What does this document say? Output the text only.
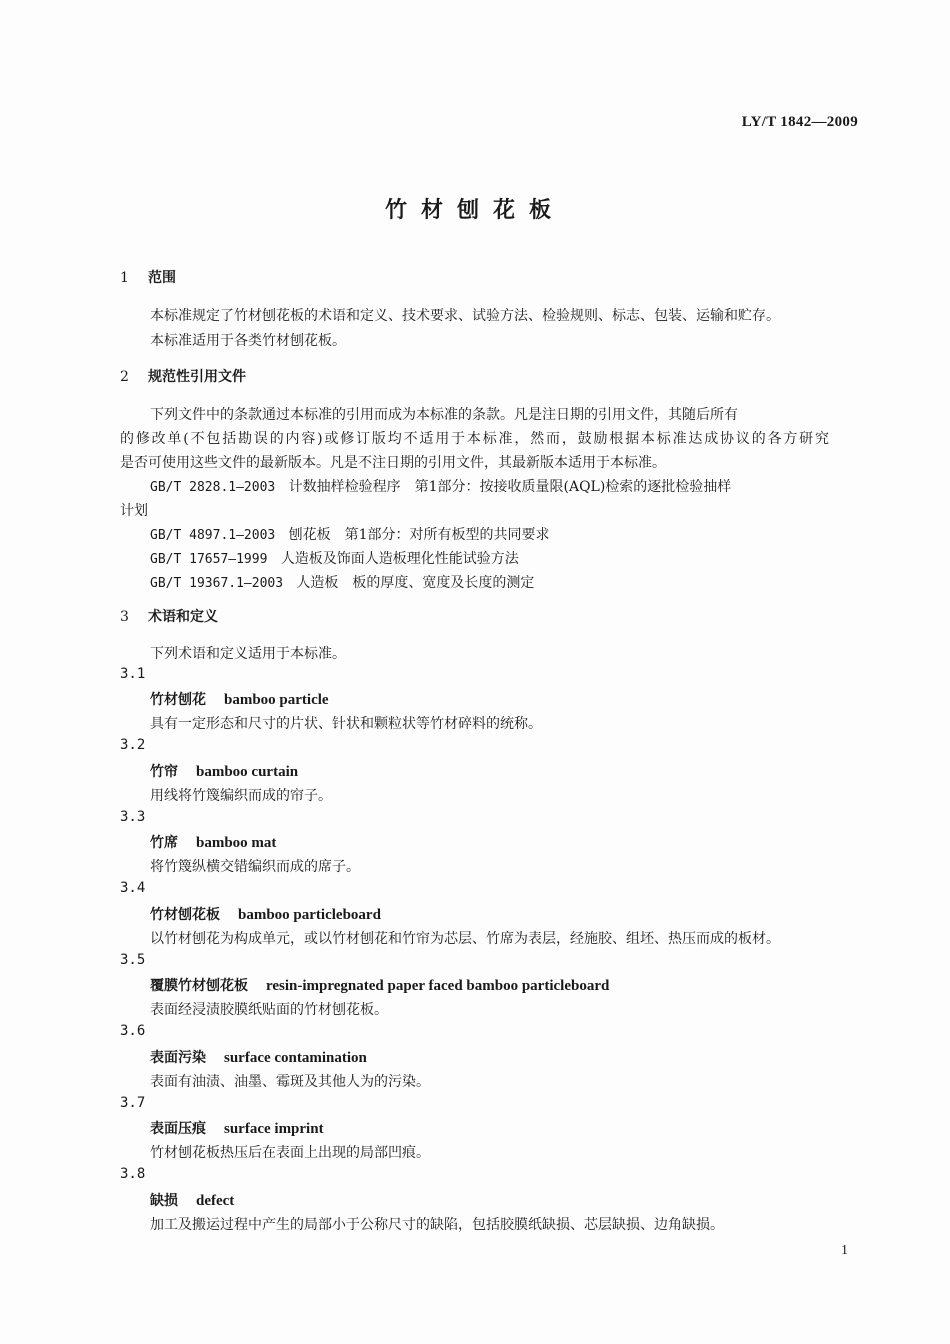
LY/T 1842—2009
竹材刨花板
1 范围
本标准规定了竹材刨花板的术语和定义、技术要求、试验方法、检验规则、标志、包装、运输和贮存。
本标准适用于各类竹材刨花板。
2 规范性引用文件
下列文件中的条款通过本标准的引用而成为本标准的条款。凡是注日期的引用文件，其随后所有
的修改单(不包括勘误的内容)或修订版均不适用于本标准，然而，鼓励根据本标准达成协议的各方研究
是否可使用这些文件的最新版本。凡是不注日期的引用文件，其最新版本适用于本标准。
GB/T 2828.1—2003 计数抽样检验程序　第1部分：按接收质量限(AQL)检索的逐批检验抽样
计划
GB/T 4897.1—2003 刨花板　第1部分：对所有板型的共同要求
GB/T 17657—1999 人造板及饰面人造板理化性能试验方法
GB/T 19367.1—2003 人造板　板的厚度、宽度及长度的测定
3 术语和定义
下列术语和定义适用于本标准。
3.1
竹材刨花 bamboo particle
具有一定形态和尺寸的片状、针状和颗粒状等竹材碎料的统称。
3.2
竹帘 bamboo curtain
用线将竹篾编织而成的帘子。
3.3
竹席 bamboo mat
将竹篾纵横交错编织而成的席子。
3.4
竹材刨花板 bamboo particleboard
以竹材刨花为构成单元，或以竹材刨花和竹帘为芯层、竹席为表层，经施胶、组坯、热压而成的板材。
3.5
覆膜竹材刨花板 resin-impregnated paper faced bamboo particleboard
表面经浸渍胶膜纸贴面的竹材刨花板。
3.6
表面污染 surface contamination
表面有油渍、油墨、霉斑及其他人为的污染。
3.7
表面压痕 surface imprint
竹材刨花板热压后在表面上出现的局部凹痕。
3.8
缺损 defect
加工及搬运过程中产生的局部小于公称尺寸的缺陷，包括胶膜纸缺损、芯层缺损、边角缺损。
1
